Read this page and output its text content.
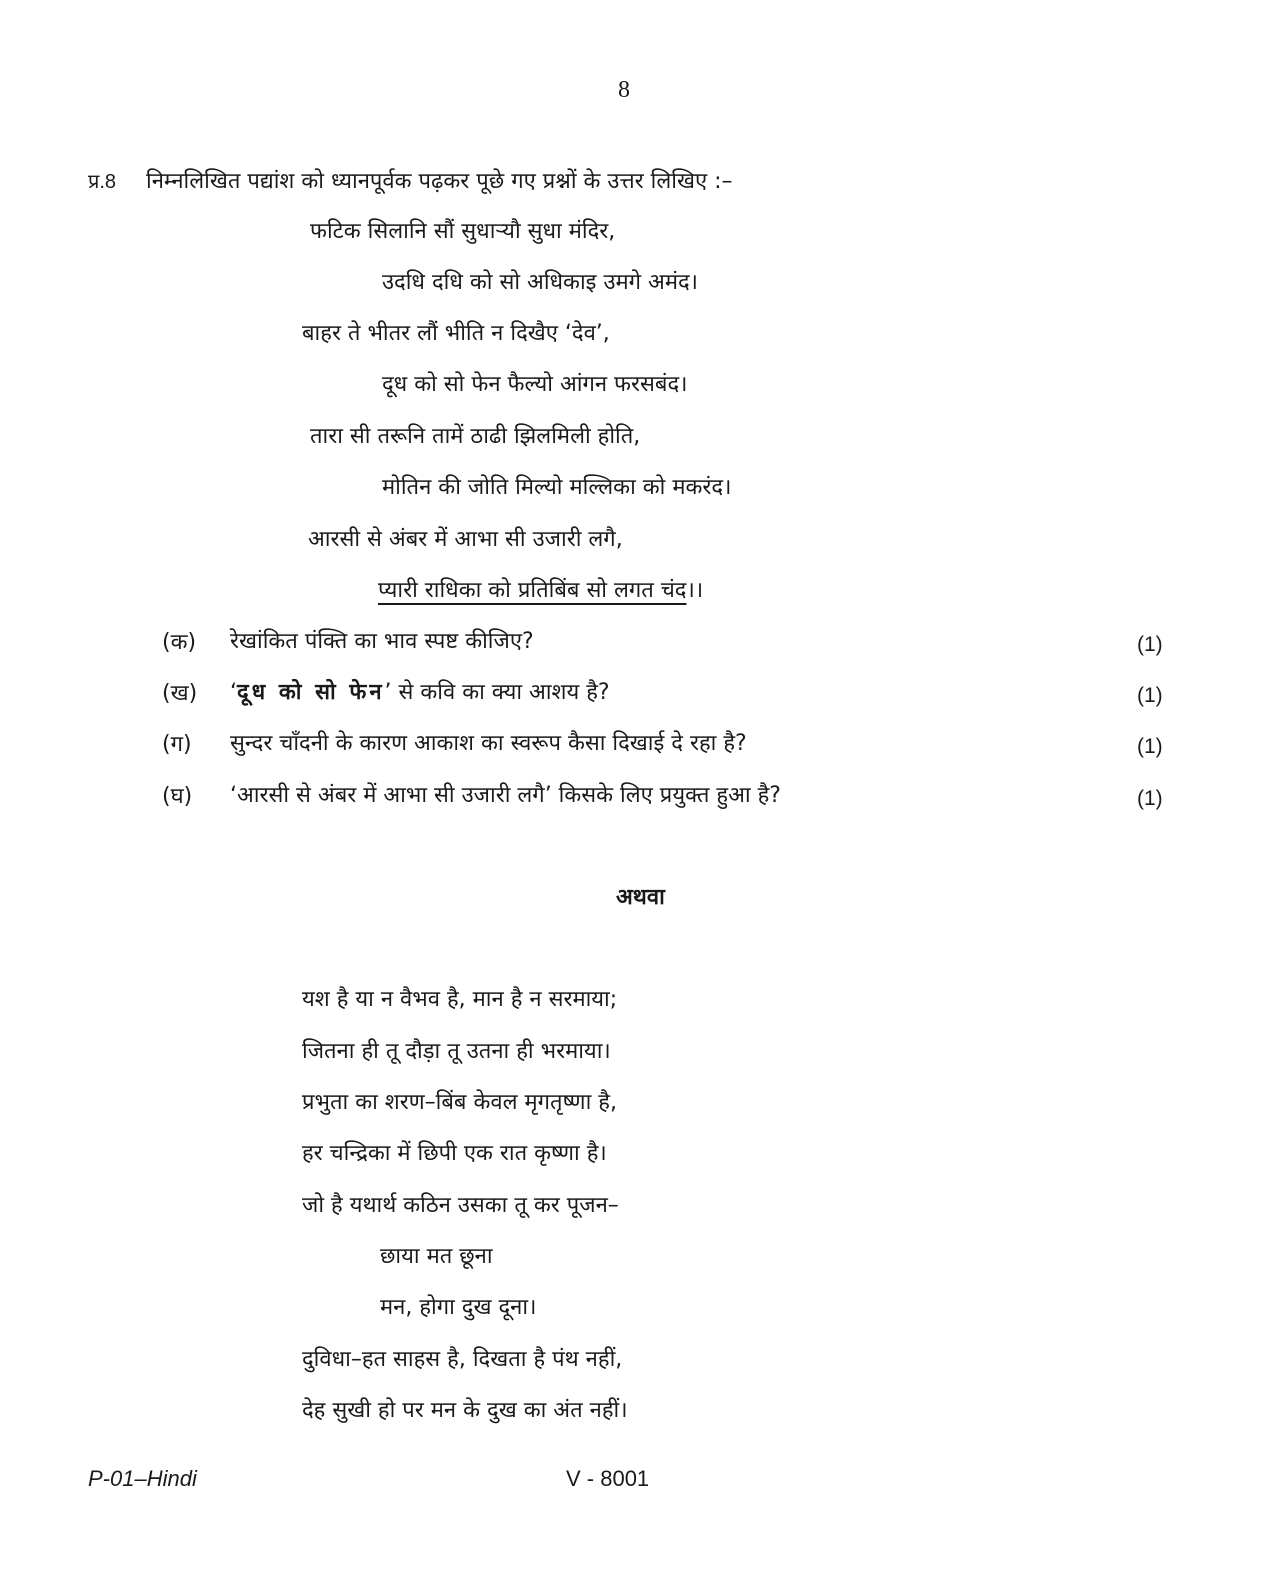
8
प्र.8 निम्नलिखित पद्यांश को ध्यानपूर्वक पढ़कर पूछे गए प्रश्नों के उत्तर लिखिए :–
फटिक सिलानि सौं सुधार्‍यौ सुधा मंदिर,
उदधि दधि को सो अधिकाइ उमगे अमंद।
बाहर ते भीतर लौं भीति न दिखैए ‘देव’,
दूध को सो फेन फैल्यो आंगन फरसबंद।
तारा सी तरूनि तामें ठाढी झिलमिली होति,
मोतिन की जोति मिल्यो मल्लिका को मकरंद।
आरसी से अंबर में आभा सी उजारी लगै,
प्यारी राधिका को प्रतिबिंब सो लगत चंद।।
(क) रेखांकित पंक्ति का भाव स्पष्ट कीजिए?	(1)
(ख) ‘दूध को सो फेन’ से कवि का क्या आशय है?	(1)
(ग) सुन्दर चाँदनी के कारण आकाश का स्वरूप कैसा दिखाई दे रहा है?	(1)
(घ) ‘आरसी से अंबर में आभा सी उजारी लगै’ किसके लिए प्रयुक्त हुआ है?	(1)
अथवा
यश है या न वैभव है, मान है न सरमाया;
जितना ही तू दौड़ा तू उतना ही भरमाया।
प्रभुता का शरण–बिंब केवल मृगतृष्णा है,
हर चन्द्रिका में छिपी एक रात कृष्णा है।
जो है यथार्थ कठिन उसका तू कर पूजन–
छाया मत छूना
मन, होगा दुख दूना।
दुविधा–हत साहस है, दिखता है पंथ नहीं,
देह सुखी हो पर मन के दुख का अंत नहीं।
P-01–Hindi	V - 8001
